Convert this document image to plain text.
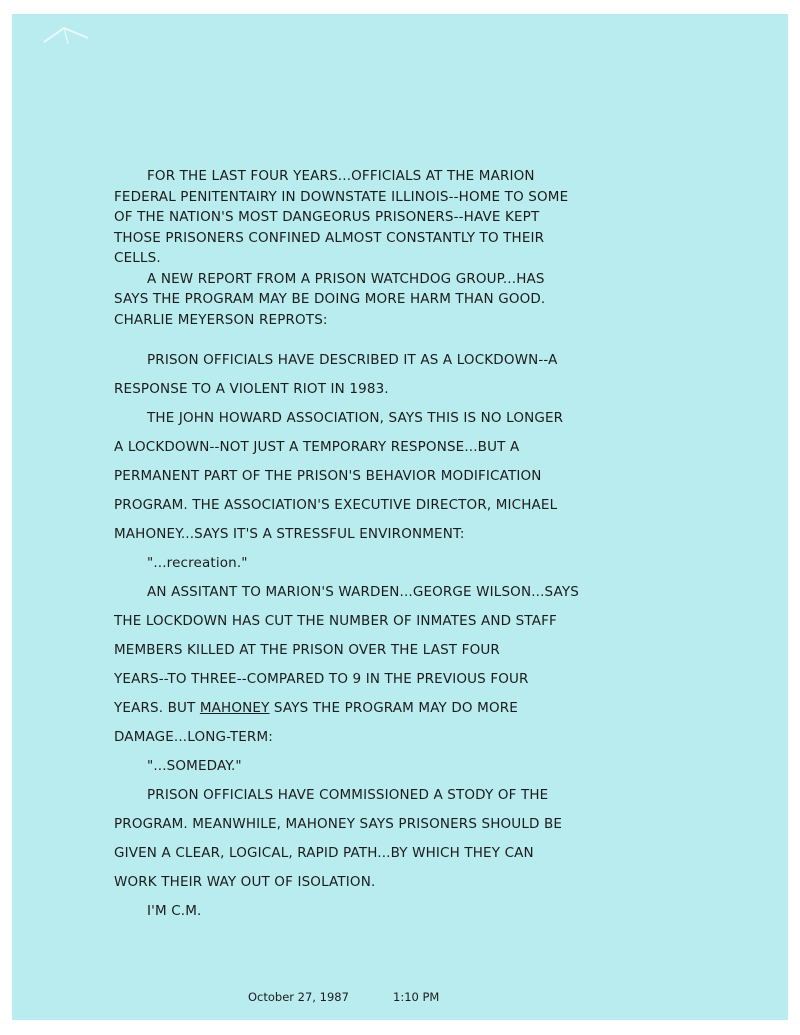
FOR THE LAST FOUR YEARS...OFFICIALS AT THE MARION
FEDERAL PENITENTAIRY IN DOWNSTATE ILLINOIS--HOME TO SOME
OF THE NATION'S MOST DANGEORUS PRISONERS--HAVE KEPT
THOSE PRISONERS CONFINED ALMOST CONSTANTLY TO THEIR
CELLS.
A NEW REPORT FROM A PRISON WATCHDOG GROUP...HAS
SAYS THE PROGRAM MAY BE DOING MORE HARM THAN GOOD.
CHARLIE MEYERSON REPROTS:
PRISON OFFICIALS HAVE DESCRIBED IT AS A LOCKDOWN--A
RESPONSE TO A VIOLENT RIOT IN 1983.
THE JOHN HOWARD ASSOCIATION, SAYS THIS IS NO LONGER
A LOCKDOWN--NOT JUST A TEMPORARY RESPONSE...BUT A
PERMANENT PART OF THE PRISON'S BEHAVIOR MODIFICATION
PROGRAM. THE ASSOCIATION'S EXECUTIVE DIRECTOR, MICHAEL
MAHONEY...SAYS IT'S A STRESSFUL ENVIRONMENT:
"...recreation."
AN ASSITANT TO MARION'S WARDEN...GEORGE WILSON...SAYS
THE LOCKDOWN HAS CUT THE NUMBER OF INMATES AND STAFF
MEMBERS KILLED AT THE PRISON OVER THE LAST FOUR
YEARS--TO THREE--COMPARED TO 9 IN THE PREVIOUS FOUR
YEARS. BUT MAHONEY SAYS THE PROGRAM MAY DO MORE
DAMAGE...LONG-TERM:
"...SOMEDAY."
PRISON OFFICIALS HAVE COMMISSIONED A STODY OF THE
PROGRAM. MEANWHILE, MAHONEY SAYS PRISONERS SHOULD BE
GIVEN A CLEAR, LOGICAL, RAPID PATH...BY WHICH THEY CAN
WORK THEIR WAY OUT OF ISOLATION.
I'M C.M.
October 27, 1987	1:10 PM
